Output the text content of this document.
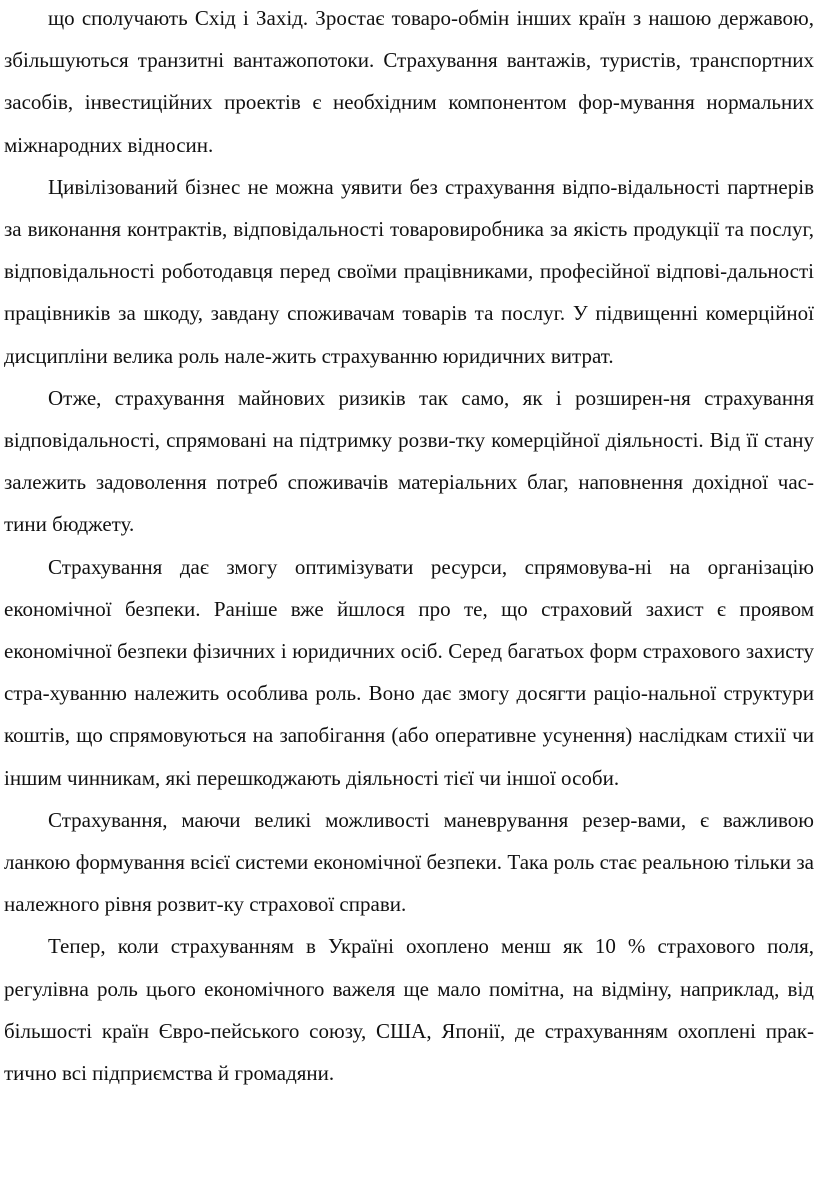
що сполучають Схід і Захід. Зростає товаро-обмін інших країн з нашою державою, збільшуються транзитні вантажопотоки. Страхування вантажів, туристів, транспортних засобів, інвестиційних проектів є необхідним компонентом фор-мування нормальних міжнародних відносин.

Цивілізований бізнес не можна уявити без страхування відпо-відальності партнерів за виконання контрактів, відповідальності товаровиробника за якість продукції та послуг, відповідальності роботодавця перед своїми працівниками, професійної відпові-дальності працівників за шкоду, завдану споживачам товарів та послуг. У підвищенні комерційної дисципліни велика роль нале-жить страхуванню юридичних витрат.

Отже, страхування майнових ризиків так само, як і розширен-ня страхування відповідальності, спрямовані на підтримку розви-тку комерційної діяльності. Від її стану залежить задоволення потреб споживачів матеріальних благ, наповнення дохідної час-тини бюджету.

Страхування дає змогу оптимізувати ресурси, спрямовува-ні на організацію економічної безпеки. Раніше вже йшлося про те, що страховий захист є проявом економічної безпеки фізичних і юридичних осіб. Серед багатьох форм страхового захисту стра-хуванню належить особлива роль. Воно дає змогу досягти раціо-нальної структури коштів, що спрямовуються на запобігання (або оперативне усунення) наслідкам стихії чи іншим чинникам, які перешкоджають діяльності тієї чи іншої особи.

Страхування, маючи великі можливості маневрування резер-вами, є важливою ланкою формування всієї системи економічної безпеки. Така роль стає реальною тільки за належного рівня розвит-ку страхової справи.

Тепер, коли страхуванням в Україні охоплено менш як 10 % страхового поля, регулівна роль цього економічного важеля ще мало помітна, на відміну, наприклад, від більшості країн Євро-пейського союзу, США, Японії, де страхуванням охоплені прак-тично всі підприємства й громадяни.
